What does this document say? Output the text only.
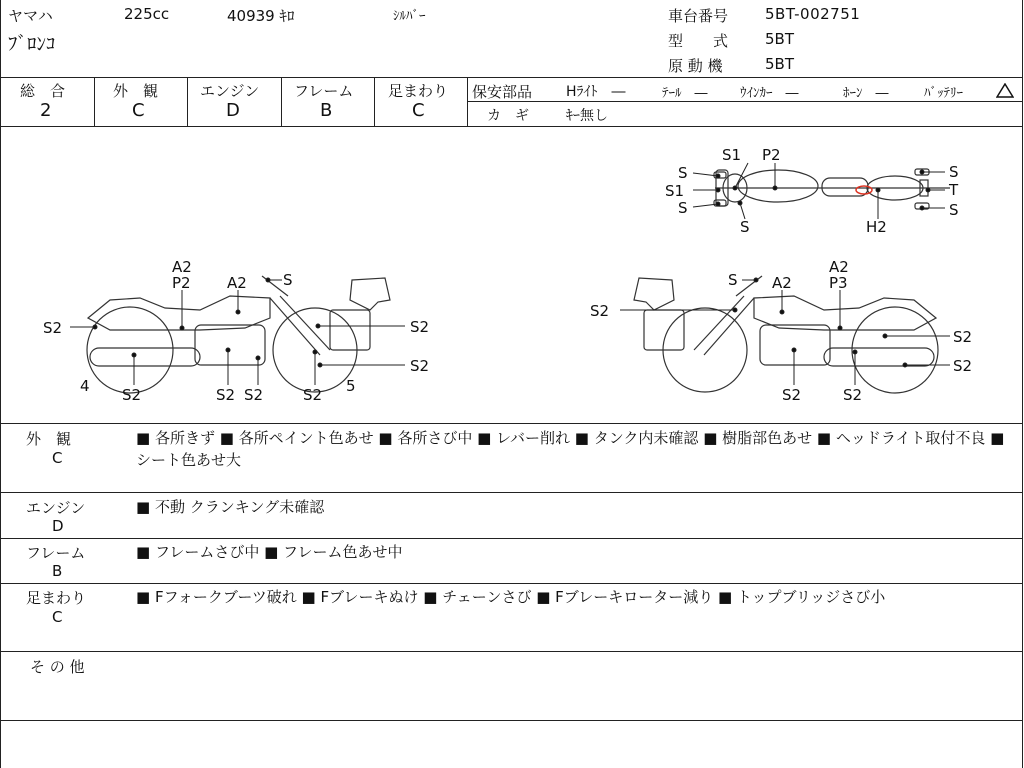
ヤマハ	225cc	40939 ｷﾛ	ｼﾙﾊﾞｰ
ﾌﾞﾛﾝｺ
車台番号 5BT-002751
型　　式 5BT
原 動 機	5BT
総　合
2
外　観
C
エンジン
D
フレーム
B
足まわり
C
保安部品 Hﾗｲﾄ　―	ﾃｰﾙ　― ｳｲﾝｶｰ　―	ﾎｰﾝ　―	ﾊﾞｯﾃﾘｰ
カ　ギ	ｷｰ無し
S1 P2
S
S1
S
S	H2
S
T
S
A2
P2 A2 S
S2	S2
S2
4	5
S2	S2 S2	S2
S A2
A2
P3
S2
S2
S2
S2	S2
外　観
C
■ 各所きず ■ 各所ペイント色あせ ■ 各所さび中 ■ レバー削れ ■ タンク内未確認 ■ 樹脂部色あせ ■ ヘッドライト取付不良 ■ シート色あせ大
エンジン
D
■ 不動 クランキング未確認
フレーム
B
■ フレームさび中 ■ フレーム色あせ中
足まわり
C
■ Fフォークブーツ破れ ■ Fブレーキぬけ ■ チェーンさび ■ Fブレーキローター減り ■ トップブリッジさび小
そ の 他
